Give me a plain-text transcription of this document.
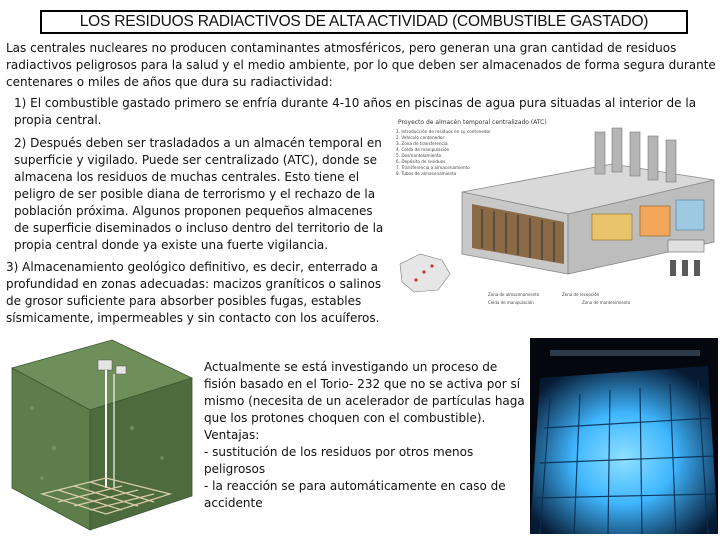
LOS RESIDUOS RADIACTIVOS DE ALTA ACTIVIDAD (COMBUSTIBLE GASTADO)

Las centrales nucleares no producen contaminantes atmosféricos, pero generan una gran cantidad de residuos radiactivos peligrosos para la salud y el medio ambiente, por lo que deben ser almacenados de forma segura durante centenares o miles de años que dura su radiactividad:

1) El combustible gastado primero se enfría durante 4-10 años en piscinas de agua pura situadas al interior de la propia central.

2) Después deben ser trasladados a un almacén temporal en superficie y vigilado. Puede ser centralizado (ATC), donde se almacena los residuos de muchas centrales. Esto tiene el peligro de ser posible diana de terrorismo y el rechazo de la población próxima. Algunos proponen pequeños almacenes de superficie diseminados o incluso dentro del territorio de la propia central donde ya existe una fuerte vigilancia.

3) Almacenamiento geológico definitivo, es decir, enterrado a profundidad en zonas adecuadas: macizos graníticos o salinos de grosor suficiente para absorber posibles fugas, estables sísmicamente, impermeables y sin contacto con los acuíferos.

Actualmente se está investigando un proceso de fisión basado en el Torio- 232 que no se activa por sí mismo (necesita de un acelerador de partículas haga que los protones choquen con el combustible). Ventajas:
- sustitución de los residuos por otros menos peligrosos
- la reacción se para automáticamente en caso de accidente

Proyecto de almacén temporal centralizado (ATC)
1. Introducción de residuos en su contenedor
2. Vehículo contenedor
3. Zona de transferencia
4. Celda de manipulación
5. Desmantelamiento
6. Depósito de residuos
7. Transferencia a almacenamiento
8. Tubos de almacenamiento
Zona de almacenamiento	Zona de recepción
Celda de manipulación	Zona de mantenimiento
